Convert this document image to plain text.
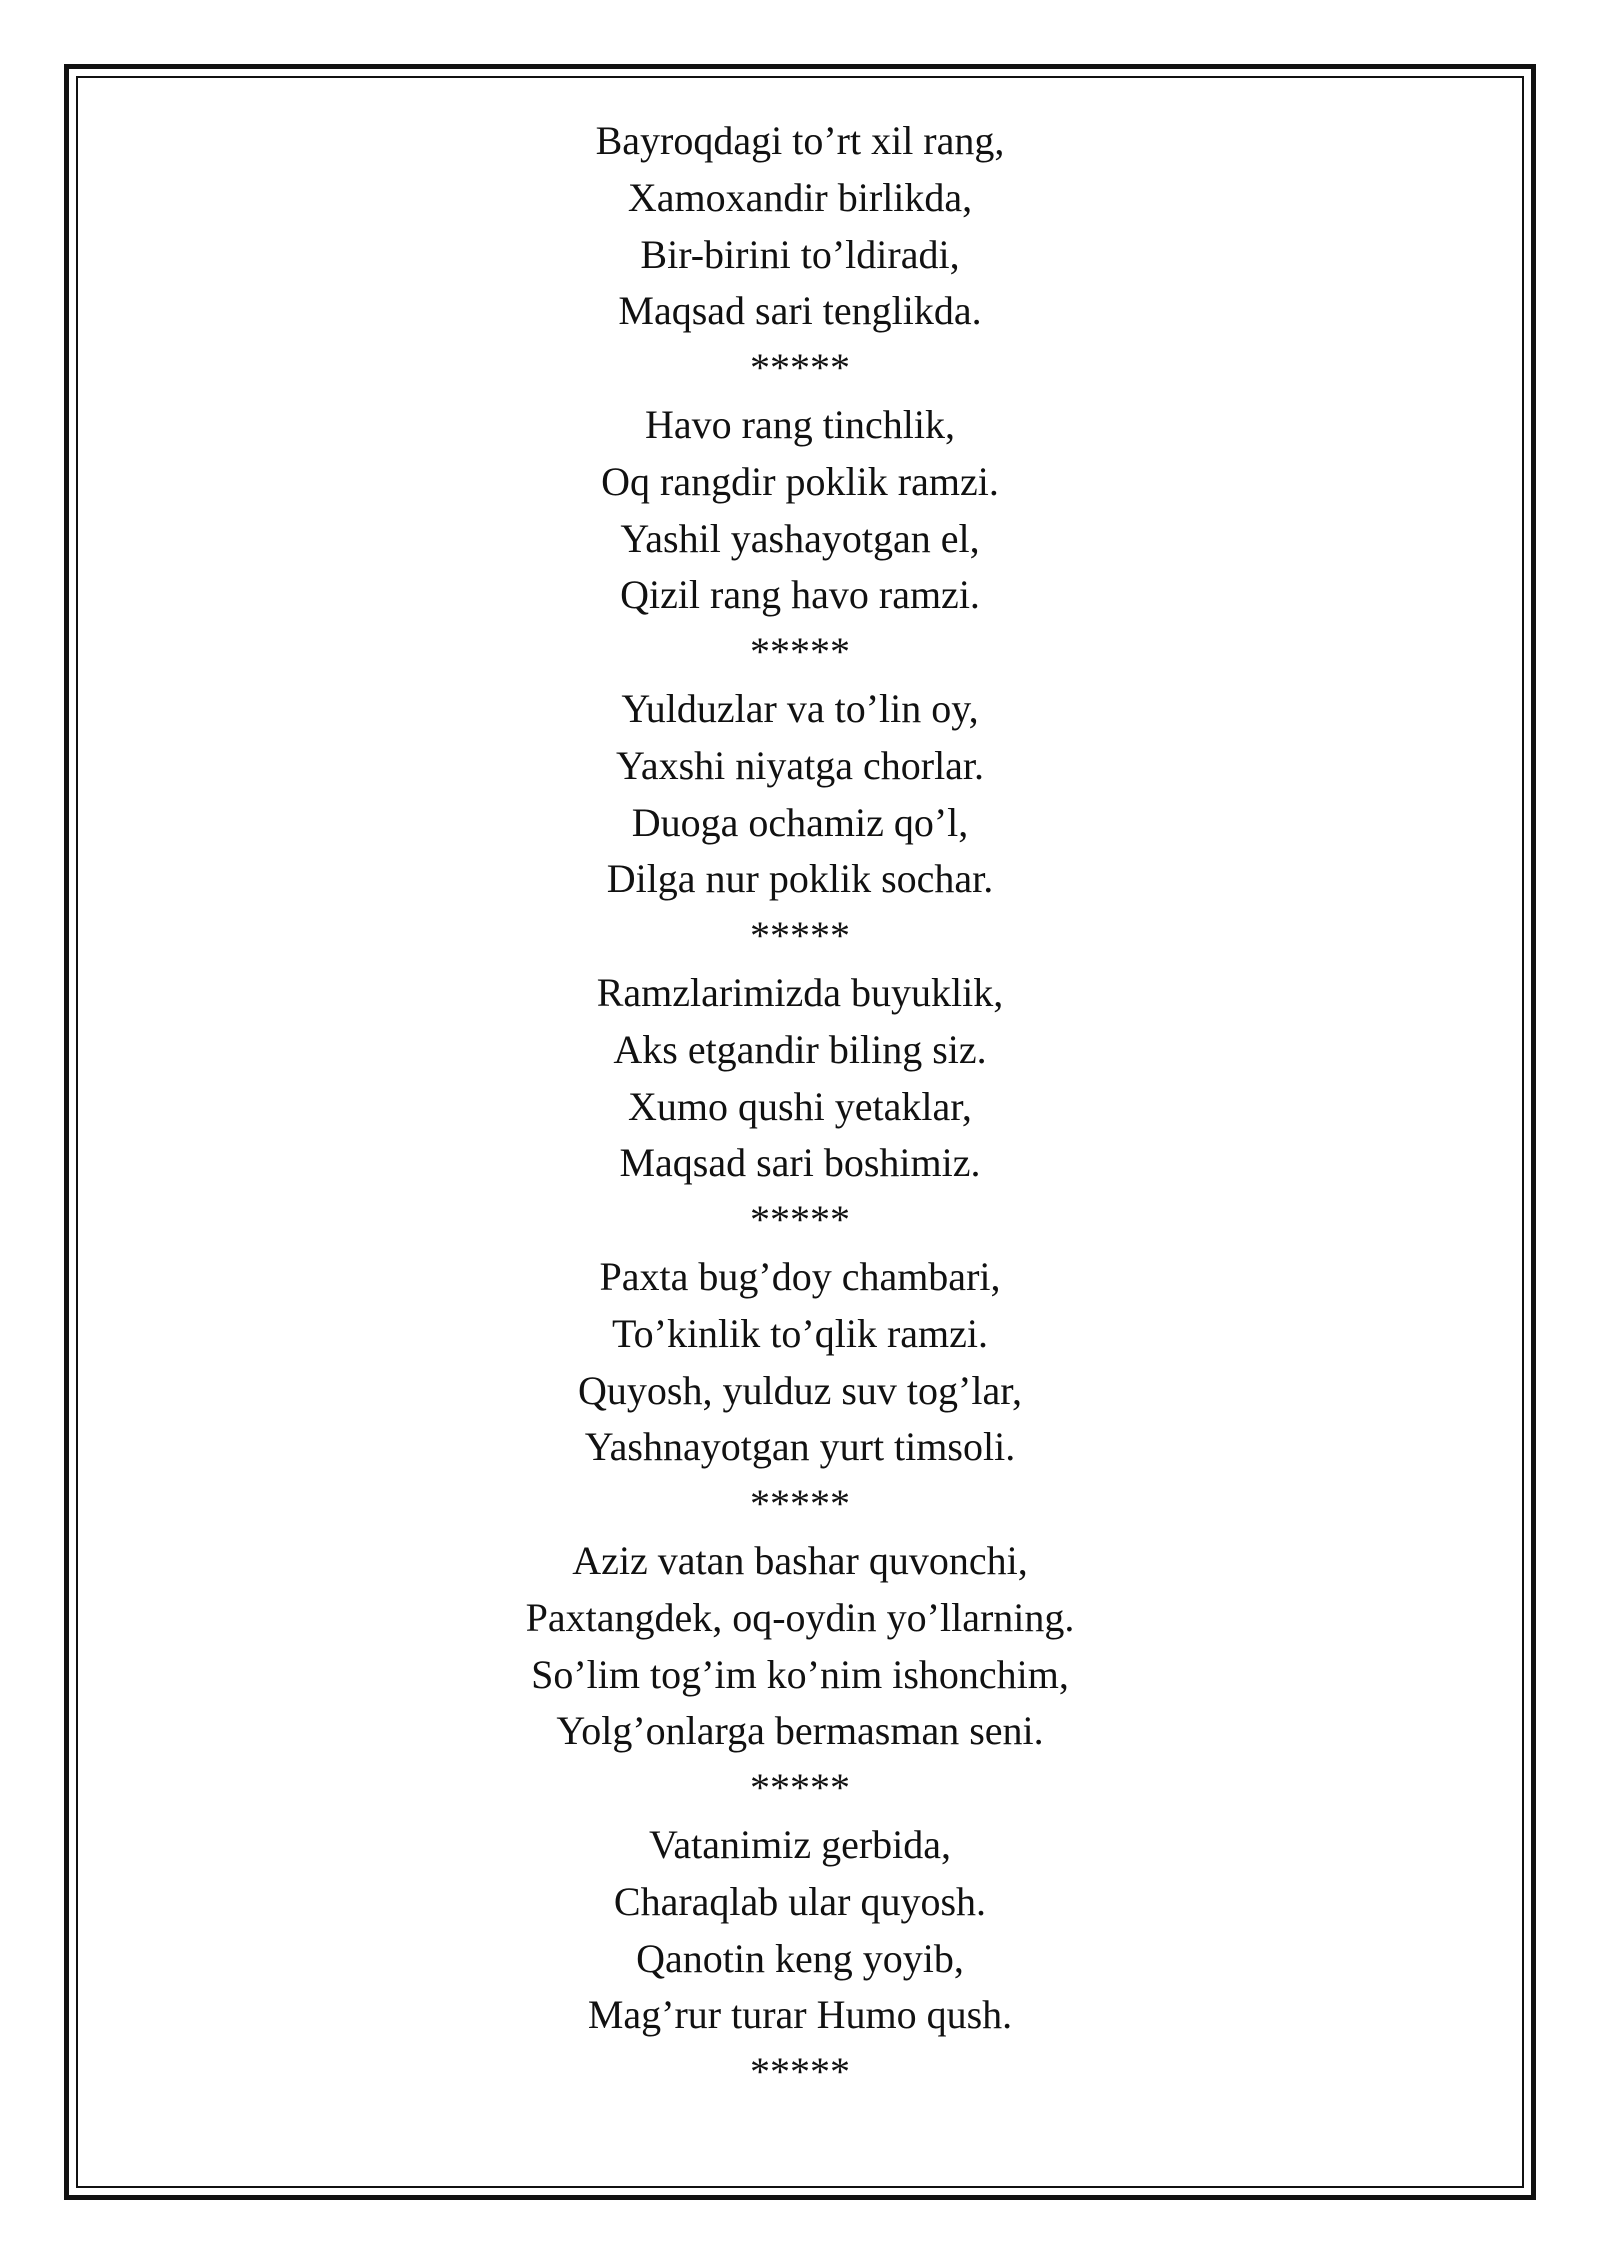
Bayroqdagi to’rt xil rang,
Xamoxandir birlikda,
Bir-birini to’ldiradi,
Maqsad sari tenglikda.
*****
Havo rang tinchlik,
Oq rangdir poklik ramzi.
Yashil yashayotgan el,
Qizil rang havo ramzi.
*****
Yulduzlar va to’lin oy,
Yaxshi niyatga chorlar.
Duoga ochamiz qo’l,
Dilga nur poklik sochar.
*****
Ramzlarimizda buyuklik,
Aks etgandir biling siz.
Xumo qushi yetaklar,
Maqsad sari boshimiz.
*****
Paxta bug’doy chambari,
To’kinlik to’qlik ramzi.
Quyosh, yulduz suv tog’lar,
Yashnayotgan yurt timsoli.
*****
Aziz vatan bashar quvonchi,
Paxtangdek, oq-oydin yo’llarning.
So’lim tog’im ko’nim ishonchim,
Yolg’onlarga bermasman seni.
*****
Vatanimiz gerbida,
Charaqlab ular quyosh.
Qanotin keng yoyib,
Mag’rur turar Humo qush.
*****
